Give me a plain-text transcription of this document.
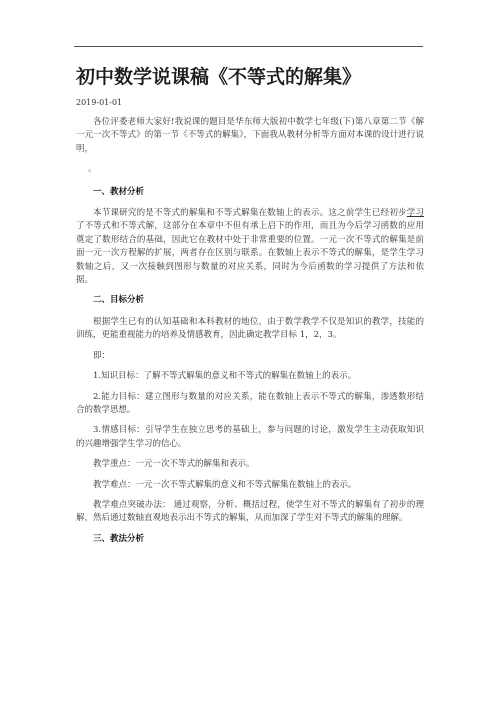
初中数学说课稿《不等式的解集》
2019-01-01

各位评委老师大家好!我说课的题目是华东师大版初中数学七年级(下)第八章第二节《解一元一次不等式》的第一节《不等式的解集》，下面我从教材分析等方面对本课的设计进行说明，

。

一、教材分析

本节课研究的是不等式的解集和不等式解集在数轴上的表示。这之前学生已经初步学习了不等式和不等式解，这部分在本章中不但有承上启下的作用，而且为今后学习函数的应用奠定了数形结合的基础，因此它在教材中处于非常重要的位置。一元一次不等式的解集是前面一元一次方程解的扩展，两者存在区别与联系。在数轴上表示不等式的解集，是学生学习数轴之后，又一次接触到图形与数量的对应关系，同时为今后函数的学习提供了方法和依据。

二、目标分析

根据学生已有的认知基础和本科教材的地位，由于数学教学不仅是知识的教学，技能的训练，更能重视能力的培养及情感教育，因此确定教学目标 1，2，3。

即：

1.知识目标：了解不等式解集的意义和不等式的解集在数轴上的表示。

2.能力目标：建立图形与数量的对应关系，能在数轴上表示不等式的解集，渗透数形结合的数学思想。

3.情感目标：引导学生在独立思考的基础上，参与问题的讨论，激发学生主动获取知识的兴趣增强学生学习的信心。

教学重点：一元一次不等式的解集和表示。

教学难点：一元一次不等式解集的意义和不等式解集在数轴上的表示。

教学难点突破办法： 通过观察，分析、概括过程，使学生对不等式的解集有了初步的理解，然后通过数轴直观地表示出不等式的解集，从而加深了学生对不等式的解集的理解。

三、教法分析
